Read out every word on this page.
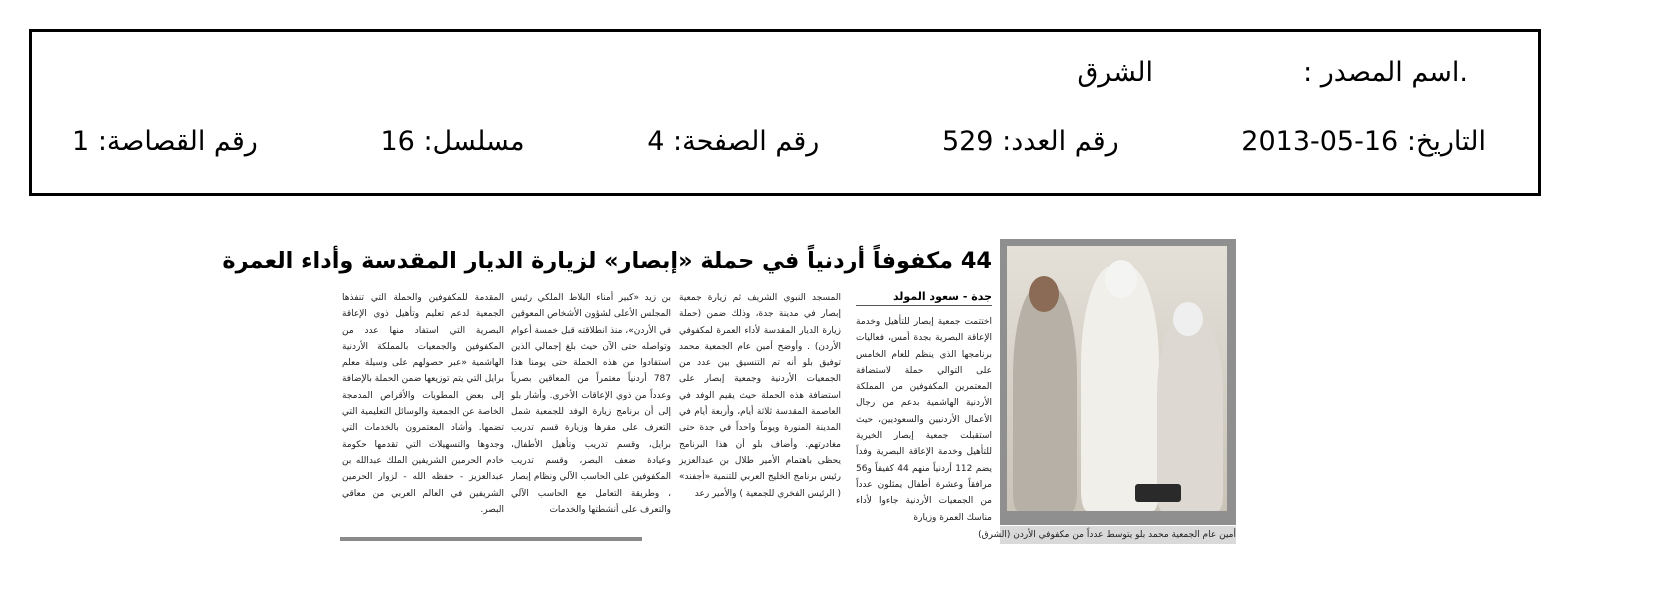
.اسم المصدر :
الشرق
التاريخ: 16-05-2013
رقم العدد: 529
رقم الصفحة: 4
مسلسل: 16
رقم القصاصة: 1
44 مكفوفاً أردنياً في حملة «إبصار» لزيارة الديار المقدسة وأداء العمرة
أمين عام الجمعية محمد بلو يتوسط عدداً من مكفوفي الأردن (الشرق)
جدة - سعود المولد
اختتمت جمعية إبصار للتأهيل وخدمة الإعاقة البصرية بجدة أمس، فعاليات برنامجها الذي ينظم للعام الخامس على التوالي حملة لاستضافة المعتمرين المكفوفين من المملكة الأردنية الهاشمية بدعم من رجال الأعمال الأردنيين والسعوديين، حيث استقبلت جمعية إبصار الخيرية للتأهيل وخدمة الإعاقة البصرية وفداً يضم 112 أردنياً منهم 44 كفيفاً و56 مرافقاً وعشرة أطفال يمثلون عدداً من الجمعيات الأردنية جاءوا لأداء مناسك العمرة وزيارة
المسجد النبوي الشريف ثم زيارة جمعية إبصار في مدينة جدة، وذلك ضمن (حملة زيارة الديار المقدسة لأداء العمرة لمكفوفي الأردن) . وأوضح أمين عام الجمعية محمد توفيق بلو أنه تم التنسيق بين عدد من الجمعيات الأردنية وجمعية إبصار على استضافة هذه الحملة حيث يقيم الوفد في العاصمة المقدسة ثلاثة أيام، وأربعة أيام في المدينة المنورة ويوماً واحداً في جدة حتى مغادرتهم. وأضاف بلو أن هذا البرنامج يحظى باهتمام الأمير طلال بن عبدالعزيز رئيس برنامج الخليج العربي للتنمية «أجفند» ( الرئيس الفخري للجمعية ) والأمير رعد
بن زيد «كبير أمناء البلاط الملكي رئيس المجلس الأعلى لشؤون الأشخاص المعوقين في الأردن»، منذ انطلاقته قبل خمسة أعوام وتواصله حتى الآن حيث بلغ إجمالي الذين استفادوا من هذه الحملة حتى يومنا هذا 787 أردنياً معتمراً من المعاقين بصرياً وعدداً من ذوي الإعاقات الأخرى. وأشار بلو إلى أن برنامج زيارة الوفد للجمعية شمل التعرف على مقرها وزيارة قسم تدريب برايل، وقسم تدريب وتأهيل الأطفال، وعيادة ضعف البصر، وقسم تدريب المكفوفين على الحاسب الآلي ونظام إبصار ، وطريقة التعامل مع الحاسب الآلي والتعرف على أنشطتها والخدمات
المقدمة للمكفوفين والحملة التي تنفذها الجمعية لدعم تعليم وتأهيل ذوي الإعاقة البصرية التي استفاد منها عدد من المكفوفين والجمعيات بالمملكة الأردنية الهاشمية «عبر حصولهم على وسيلة معلم برايل التي يتم توزيعها ضمن الحملة بالإضافة إلى بعض المطويات والأقراص المدمجة الخاصة عن الجمعية والوسائل التعليمية التي تضمها. وأشاد المعتمرون بالخدمات التي وجدوها والتسهيلات التي تقدمها حكومة خادم الحرمين الشريفين الملك عبدالله بن عبدالعزيز - حفظه الله - لزوار الحرمين الشريفين في العالم العربي من معاقي البصر.
